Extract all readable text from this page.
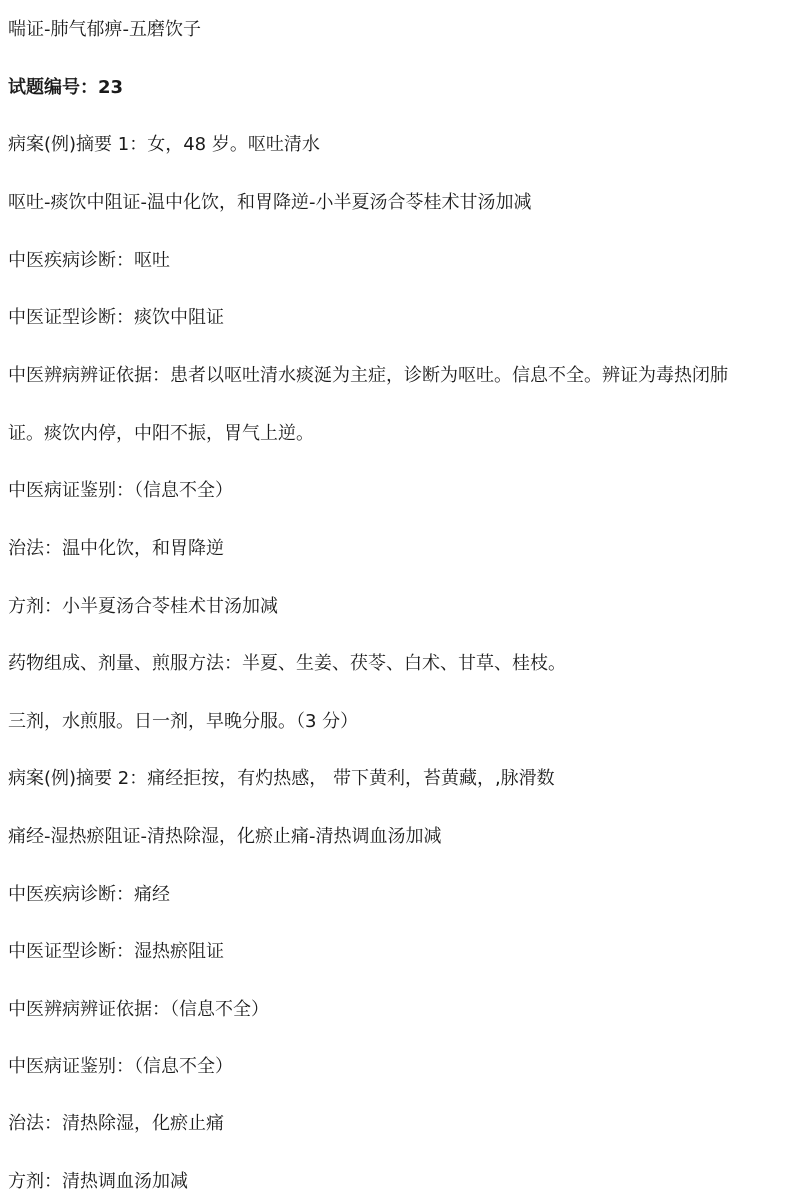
喘证-肺气郁痹-五磨饮子
试题编号：23
病案(例)摘要 1：女，48 岁。呕吐清水
呕吐-痰饮中阻证-温中化饮，和胃降逆-小半夏汤合苓桂术甘汤加减
中医疾病诊断：呕吐
中医证型诊断：痰饮中阻证
中医辨病辨证依据：患者以呕吐清水痰涎为主症，诊断为呕吐。信息不全。辨证为毒热闭肺
证。痰饮内停，中阳不振，胃气上逆。
中医病证鉴别：（信息不全）
治法：温中化饮，和胃降逆
方剂：小半夏汤合苓桂术甘汤加减
药物组成、剂量、煎服方法：半夏、生姜、茯苓、白术、甘草、桂枝。
三剂，水煎服。日一剂，早晚分服。（3 分）
病案(例)摘要 2：痛经拒按，有灼热感， 带下黄利，苔黄藏，,脉滑数
痛经-湿热瘀阻证-清热除湿，化瘀止痛-清热调血汤加减
中医疾病诊断：痛经
中医证型诊断：湿热瘀阻证
中医辨病辨证依据：（信息不全）
中医病证鉴别：（信息不全）
治法：清热除湿，化瘀止痛
方剂：清热调血汤加减
